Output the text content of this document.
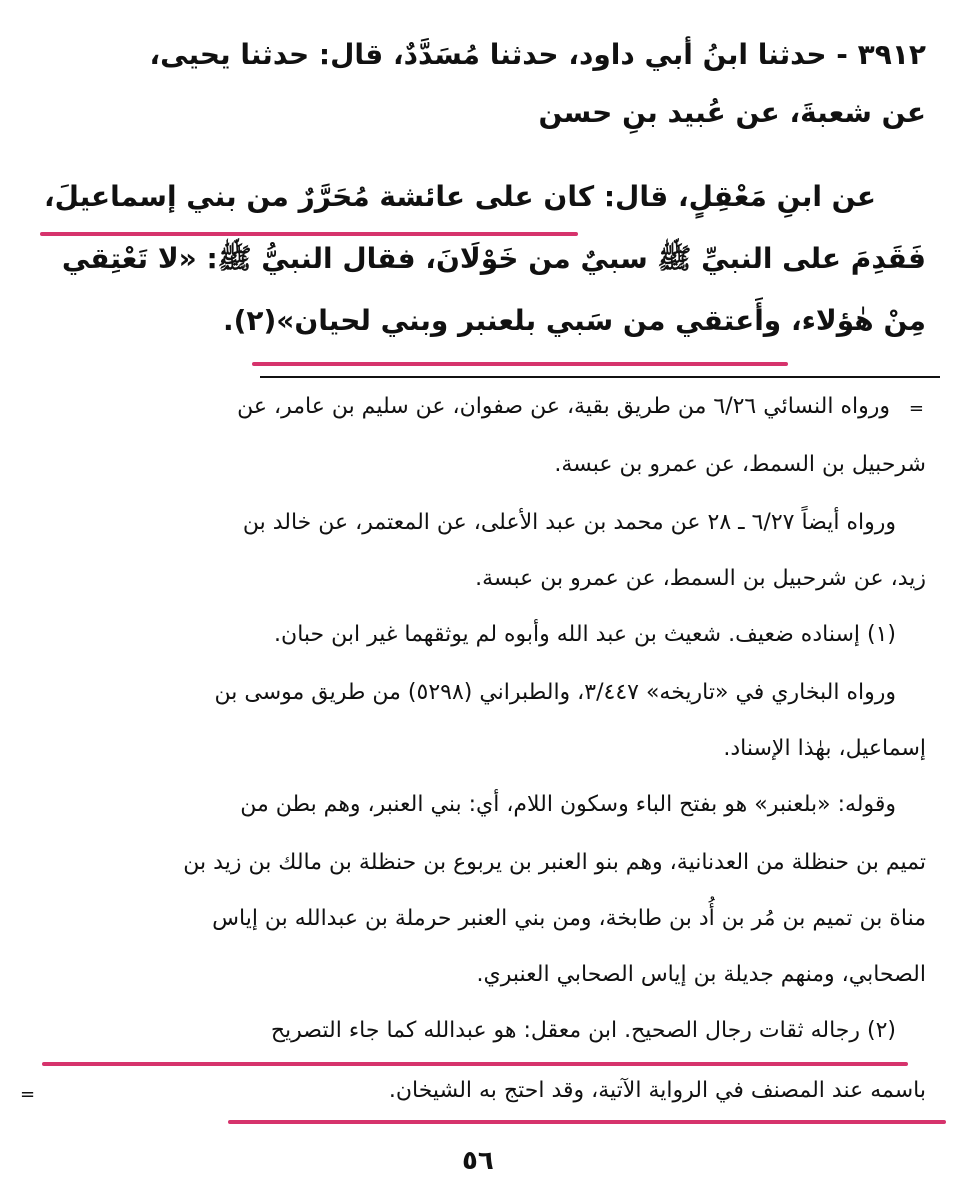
٣٩١٢ - حدثنا ابنُ أبي داود، حدثنا مُسَدَّدٌ، قال: حدثنا يحيى،
عن شعبةَ، عن عُبيد بنِ حسن
عن ابنِ مَعْقِلٍ، قال: كان على عائشة مُحَرَّرٌ من بني إسماعيلَ،
فَقَدِمَ على النبيِّ ﷺ سبيٌ من خَوْلَانَ، فقال النبيُّ ﷺ: «لا تَعْتِقي
مِنْ هٰؤلاء، وأَعتقي من سَبي بلعنبر وبني لحيان»(٢).
=
ورواه النسائي ٦/٢٦ من طريق بقية، عن صفوان، عن سليم بن عامر، عن
شرحبيل بن السمط، عن عمرو بن عبسة.
ورواه أيضاً ٦/٢٧ ـ ٢٨ عن محمد بن عبد الأعلى، عن المعتمر، عن خالد بن
زيد، عن شرحبيل بن السمط، عن عمرو بن عبسة.
(١) إسناده ضعيف. شعيث بن عبد الله وأبوه لم يوثقهما غير ابن حبان.
ورواه البخاري في «تاريخه» ٣/٤٤٧، والطبراني (٥٢٩٨) من طريق موسى بن
إسماعيل، بهٰذا الإسناد.
وقوله: «بلعنبر» هو بفتح الباء وسكون اللام، أي: بني العنبر، وهم بطن من
تميم بن حنظلة من العدنانية، وهم بنو العنبر بن يربوع بن حنظلة بن مالك بن زيد بن
مناة بن تميم بن مُر بن أُد بن طابخة، ومن بني العنبر حرملة بن عبدالله بن إياس
الصحابي، ومنهم جديلة بن إياس الصحابي العنبري.
(٢) رجاله ثقات رجال الصحيح. ابن معقل: هو عبدالله كما جاء التصريح
=	باسمه عند المصنف في الرواية الآتية، وقد احتج به الشيخان.
٥٦
